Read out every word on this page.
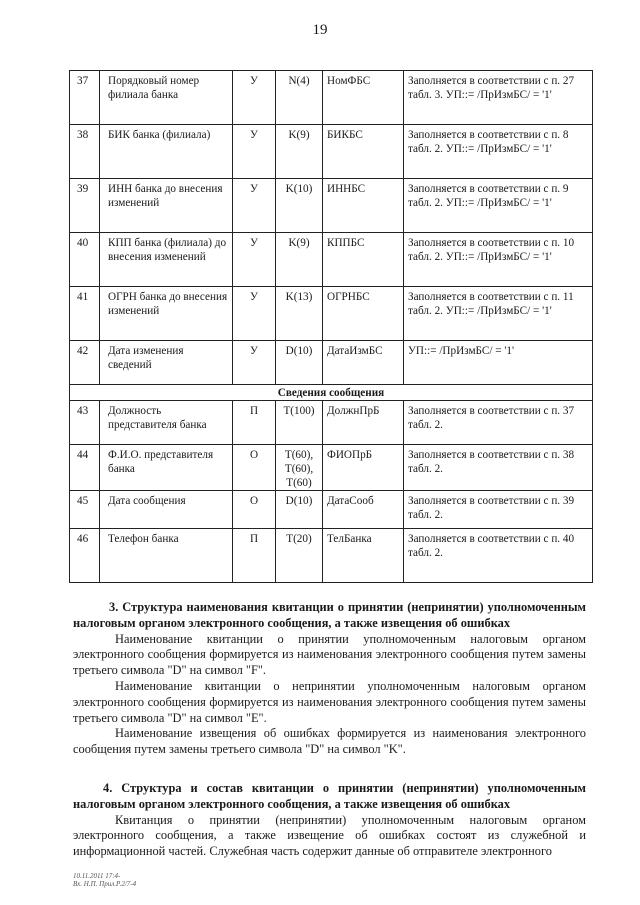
19
37	Порядковый номер филиала банка	У	N(4)	НомФБС	Заполняется в соответствии с п. 27 табл. 3. УП::= /ПрИзмБС/ = '1'
38	БИК банка (филиала)	У	K(9)	БИКБС	Заполняется в соответствии с п. 8 табл. 2. УП::= /ПрИзмБС/ = '1'
39	ИНН банка до внесения изменений	У	K(10)	ИННБС	Заполняется в соответствии с п. 9 табл. 2. УП::= /ПрИзмБС/ = '1'
40	КПП банка (филиала) до внесения изменений	У	K(9)	КППБС	Заполняется в соответствии с п. 10 табл. 2. УП::= /ПрИзмБС/ = '1'
41	ОГРН банка до внесения изменений	У	K(13)	ОГРНБС	Заполняется в соответствии с п. 11 табл. 2. УП::= /ПрИзмБС/ = '1'
42	Дата изменения сведений	У	D(10)	ДатаИзмБС	УП::= /ПрИзмБС/ = '1'
Сведения сообщения					
43	Должность представителя банка	П	T(100)	ДолжнПрБ	Заполняется в соответствии с п. 37 табл. 2.
44	Ф.И.О. представителя банка	О	T(60), T(60), T(60)	ФИОПрБ	Заполняется в соответствии с п. 38 табл. 2.
45	Дата сообщения	О	D(10)	ДатаСооб	Заполняется в соответствии с п. 39 табл. 2.
46	Телефон банка	П	T(20)	ТелБанка	Заполняется в соответствии с п. 40 табл. 2.

3. Структура наименования квитанции о принятии (непринятии) уполномоченным налоговым органом электронного сообщения, а также извещения об ошибках

Наименование квитанции о принятии уполномоченным налоговым органом электронного сообщения формируется из наименования электронного сообщения путем замены третьего символа "D" на символ "F".

Наименование квитанции о непринятии уполномоченным налоговым органом электронного сообщения формируется из наименования электронного сообщения путем замены третьего символа "D" на символ "E".

Наименование извещения об ошибках формируется из наименования электронного сообщения путем замены третьего символа "D" на символ "K".

4. Структура и состав квитанции о принятии (непринятии) уполномоченным налоговым органом электронного сообщения, а также извещения об ошибках

Квитанция о принятии (непринятии) уполномоченным налоговым органом электронного сообщения, а также извещение об ошибках состоят из служебной и информационной частей. Служебная часть содержит данные об отправителе электронного

10.11.2011 17:4-
Вх. Н.П. Прил.Р.2/7-4
